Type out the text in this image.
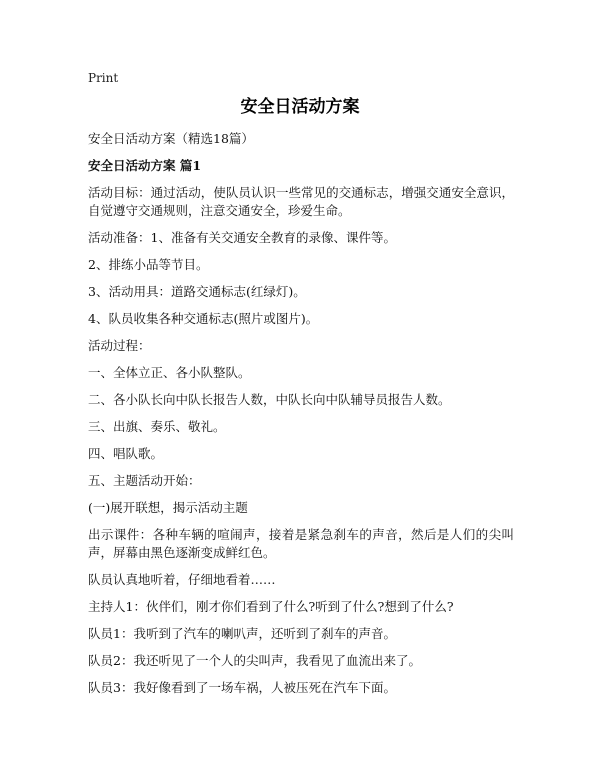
Print
安全日活动方案

安全日活动方案（精选18篇）

安全日活动方案 篇1

活动目标：通过活动，使队员认识一些常见的交通标志，增强交通安全意识，自觉遵守交通规则，注意交通安全，珍爱生命。

活动准备：1、准备有关交通安全教育的录像、课件等。

2、排练小品等节目。

3、活动用具：道路交通标志(红绿灯)。

4、队员收集各种交通标志(照片或图片)。

活动过程：

一、全体立正、各小队整队。

二、各小队长向中队长报告人数，中队长向中队辅导员报告人数。

三、出旗、奏乐、敬礼。

四、唱队歌。

五、主题活动开始：

(一)展开联想，揭示活动主题

出示课件：各种车辆的喧闹声，接着是紧急刹车的声音，然后是人们的尖叫声，屏幕由黑色逐渐变成鲜红色。

队员认真地听着，仔细地看着……

主持人1：伙伴们，刚才你们看到了什么?听到了什么?想到了什么?

队员1：我听到了汽车的喇叭声，还听到了刹车的声音。

队员2：我还听见了一个人的尖叫声，我看见了血流出来了。

队员3：我好像看到了一场车祸，人被压死在汽车下面。
